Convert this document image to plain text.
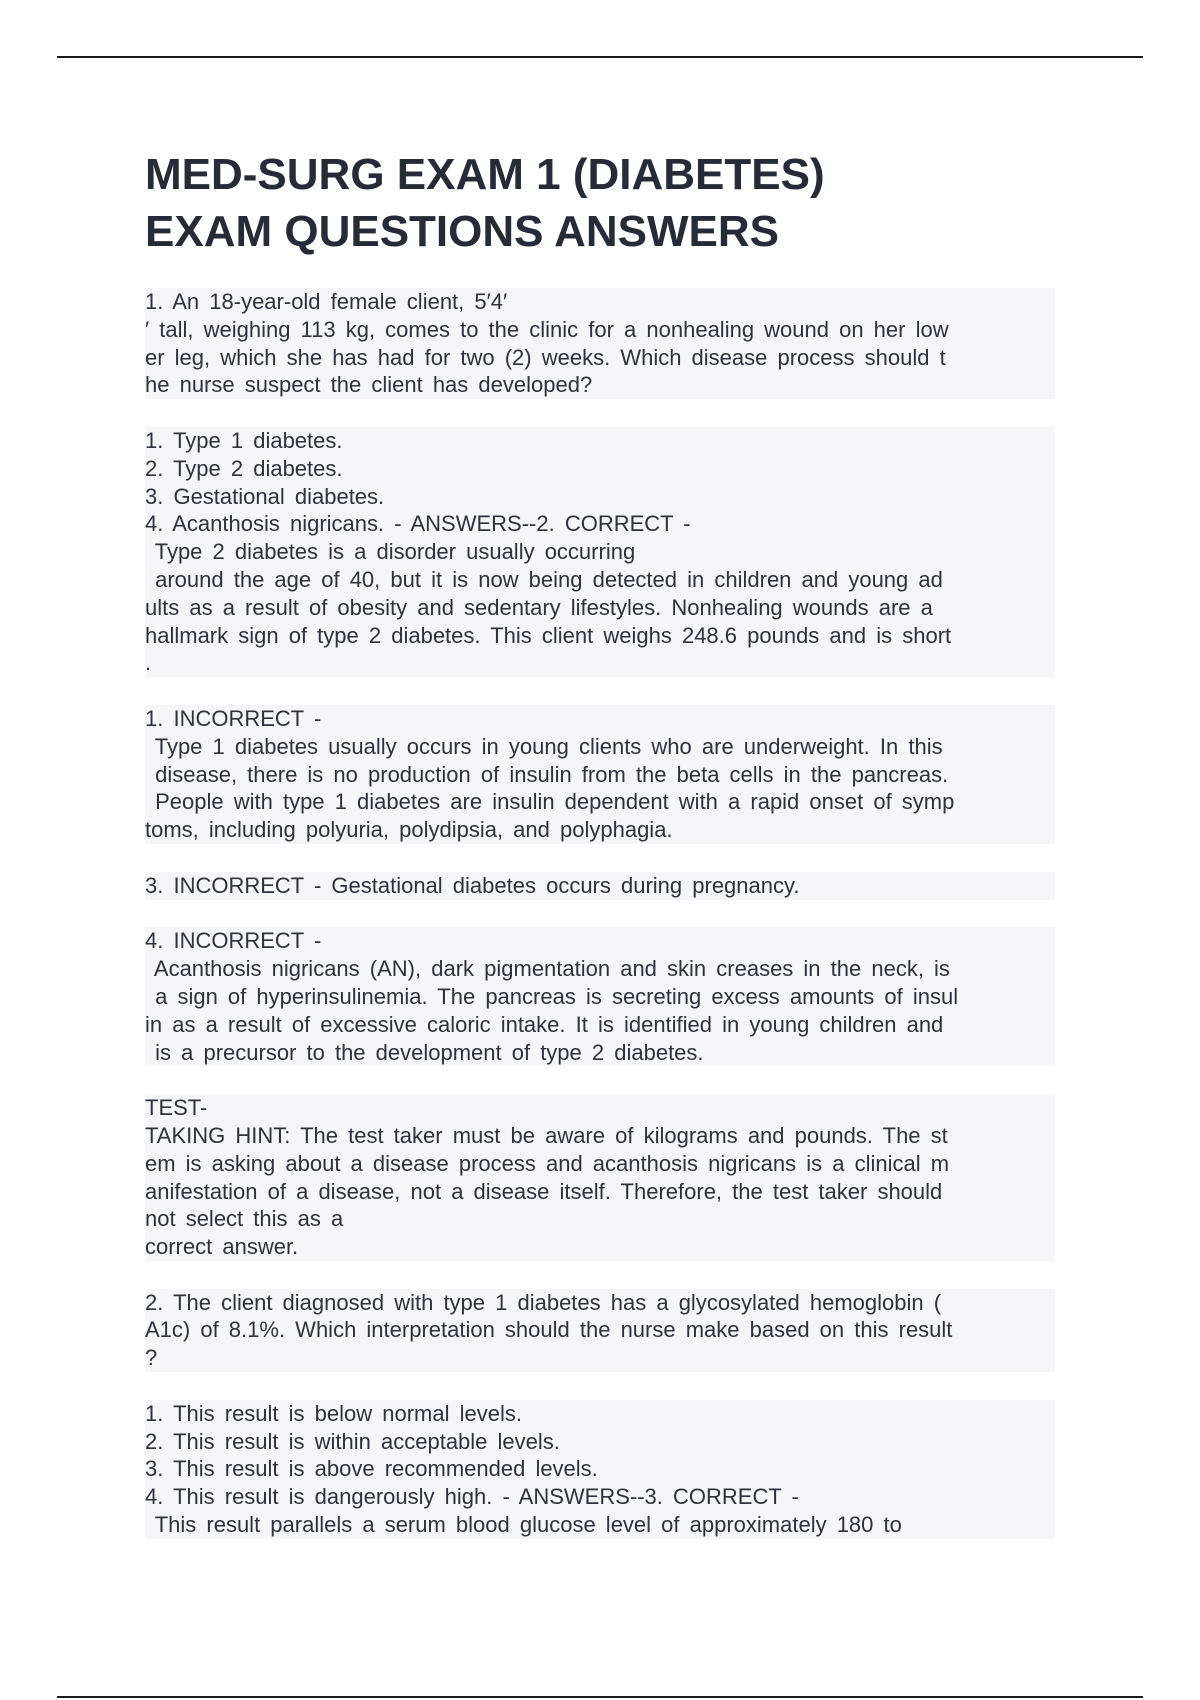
MED-SURG EXAM 1 (DIABETES)
EXAM QUESTIONS ANSWERS
1. An 18-year-old female client, 5′4′
′ tall, weighing 113 kg, comes to the clinic for a nonhealing wound on her low
er leg, which she has had for two (2) weeks. Which disease process should t
he nurse suspect the client has developed?
1. Type 1 diabetes.
2. Type 2 diabetes.
3. Gestational diabetes.
4. Acanthosis nigricans. - ANSWERS--2. CORRECT -
Type 2 diabetes is a disorder usually occurring
around the age of 40, but it is now being detected in children and young ad
ults as a result of obesity and sedentary lifestyles. Nonhealing wounds are a
hallmark sign of type 2 diabetes. This client weighs 248.6 pounds and is short
.
1. INCORRECT -
Type 1 diabetes usually occurs in young clients who are underweight. In this
disease, there is no production of insulin from the beta cells in the pancreas.
People with type 1 diabetes are insulin dependent with a rapid onset of symp
toms, including polyuria, polydipsia, and polyphagia.
3. INCORRECT - Gestational diabetes occurs during pregnancy.
4. INCORRECT -
Acanthosis nigricans (AN), dark pigmentation and skin creases in the neck, is
a sign of hyperinsulinemia. The pancreas is secreting excess amounts of insul
in as a result of excessive caloric intake. It is identified in young children and
is a precursor to the development of type 2 diabetes.
TEST-
TAKING HINT: The test taker must be aware of kilograms and pounds. The st
em is asking about a disease process and acanthosis nigricans is a clinical m
anifestation of a disease, not a disease itself. Therefore, the test taker should
not select this as a
correct answer.
2. The client diagnosed with type 1 diabetes has a glycosylated hemoglobin (
A1c) of 8.1%. Which interpretation should the nurse make based on this result
?
1. This result is below normal levels.
2. This result is within acceptable levels.
3. This result is above recommended levels.
4. This result is dangerously high. - ANSWERS--3. CORRECT -
This result parallels a serum blood glucose level of approximately 180 to
